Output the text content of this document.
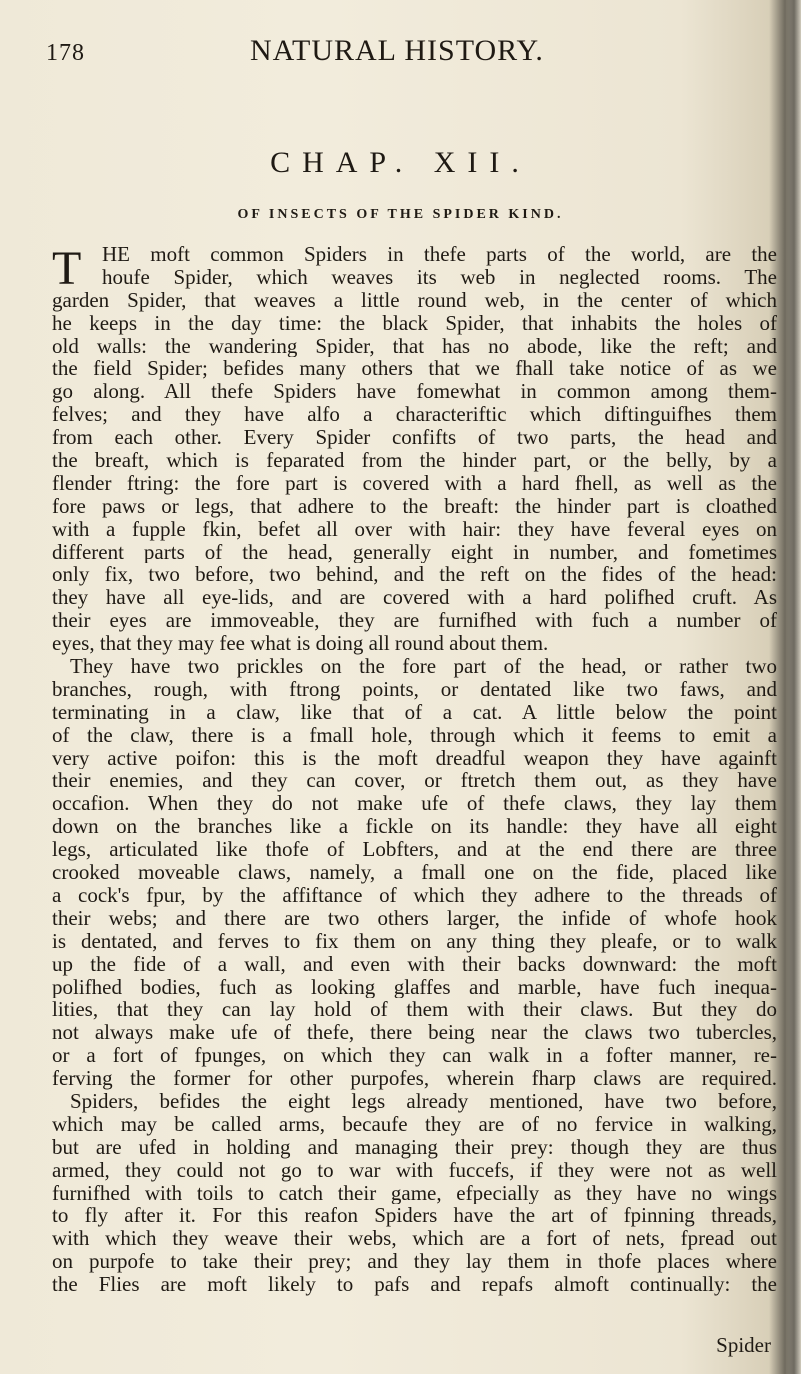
178	NATURAL HISTORY.
CHAP. XII.
OF INSECTS OF THE SPIDER KIND.
T HE moft common Spiders in thefe parts of the world, are the
houfe Spider, which weaves its web in neglected rooms. The
garden Spider, that weaves a little round web, in the center of which
he keeps in the day time: the black Spider, that inhabits the holes of
old walls: the wandering Spider, that has no abode, like the reft; and
the field Spider; befides many others that we fhall take notice of as we
go along. All thefe Spiders have fomewhat in common among them-
felves; and they have alfo a characteriftic which diftinguifhes them
from each other. Every Spider confifts of two parts, the head and
the breaft, which is feparated from the hinder part, or the belly, by a
flender ftring: the fore part is covered with a hard fhell, as well as the
fore paws or legs, that adhere to the breaft: the hinder part is cloathed
with a fupple fkin, befet all over with hair: they have feveral eyes on
different parts of the head, generally eight in number, and fometimes
only fix, two before, two behind, and the reft on the fides of the head:
they have all eye-lids, and are covered with a hard polifhed cruft. As
their eyes are immoveable, they are furnifhed with fuch a number of
eyes, that they may fee what is doing all round about them.
They have two prickles on the fore part of the head, or rather two
branches, rough, with ftrong points, or dentated like two faws, and
terminating in a claw, like that of a cat. A little below the point
of the claw, there is a fmall hole, through which it feems to emit a
very active poifon: this is the moft dreadful weapon they have againft
their enemies, and they can cover, or ftretch them out, as they have
occafion. When they do not make ufe of thefe claws, they lay them
down on the branches like a fickle on its handle: they have all eight
legs, articulated like thofe of Lobfters, and at the end there are three
crooked moveable claws, namely, a fmall one on the fide, placed like
a cock's fpur, by the affiftance of which they adhere to the threads of
their webs; and there are two others larger, the infide of whofe hook
is dentated, and ferves to fix them on any thing they pleafe, or to walk
up the fide of a wall, and even with their backs downward: the moft
polifhed bodies, fuch as looking glaffes and marble, have fuch inequa-
lities, that they can lay hold of them with their claws. But they do
not always make ufe of thefe, there being near the claws two tubercles,
or a fort of fpunges, on which they can walk in a fofter manner, re-
ferving the former for other purpofes, wherein fharp claws are required.
Spiders, befides the eight legs already mentioned, have two before,
which may be called arms, becaufe they are of no fervice in walking,
but are ufed in holding and managing their prey: though they are thus
armed, they could not go to war with fuccefs, if they were not as well
furnifhed with toils to catch their game, efpecially as they have no wings
to fly after it. For this reafon Spiders have the art of fpinning threads,
with which they weave their webs, which are a fort of nets, fpread out
on purpofe to take their prey; and they lay them in thofe places where
the Flies are moft likely to pafs and repafs almoft continually: the
Spider
